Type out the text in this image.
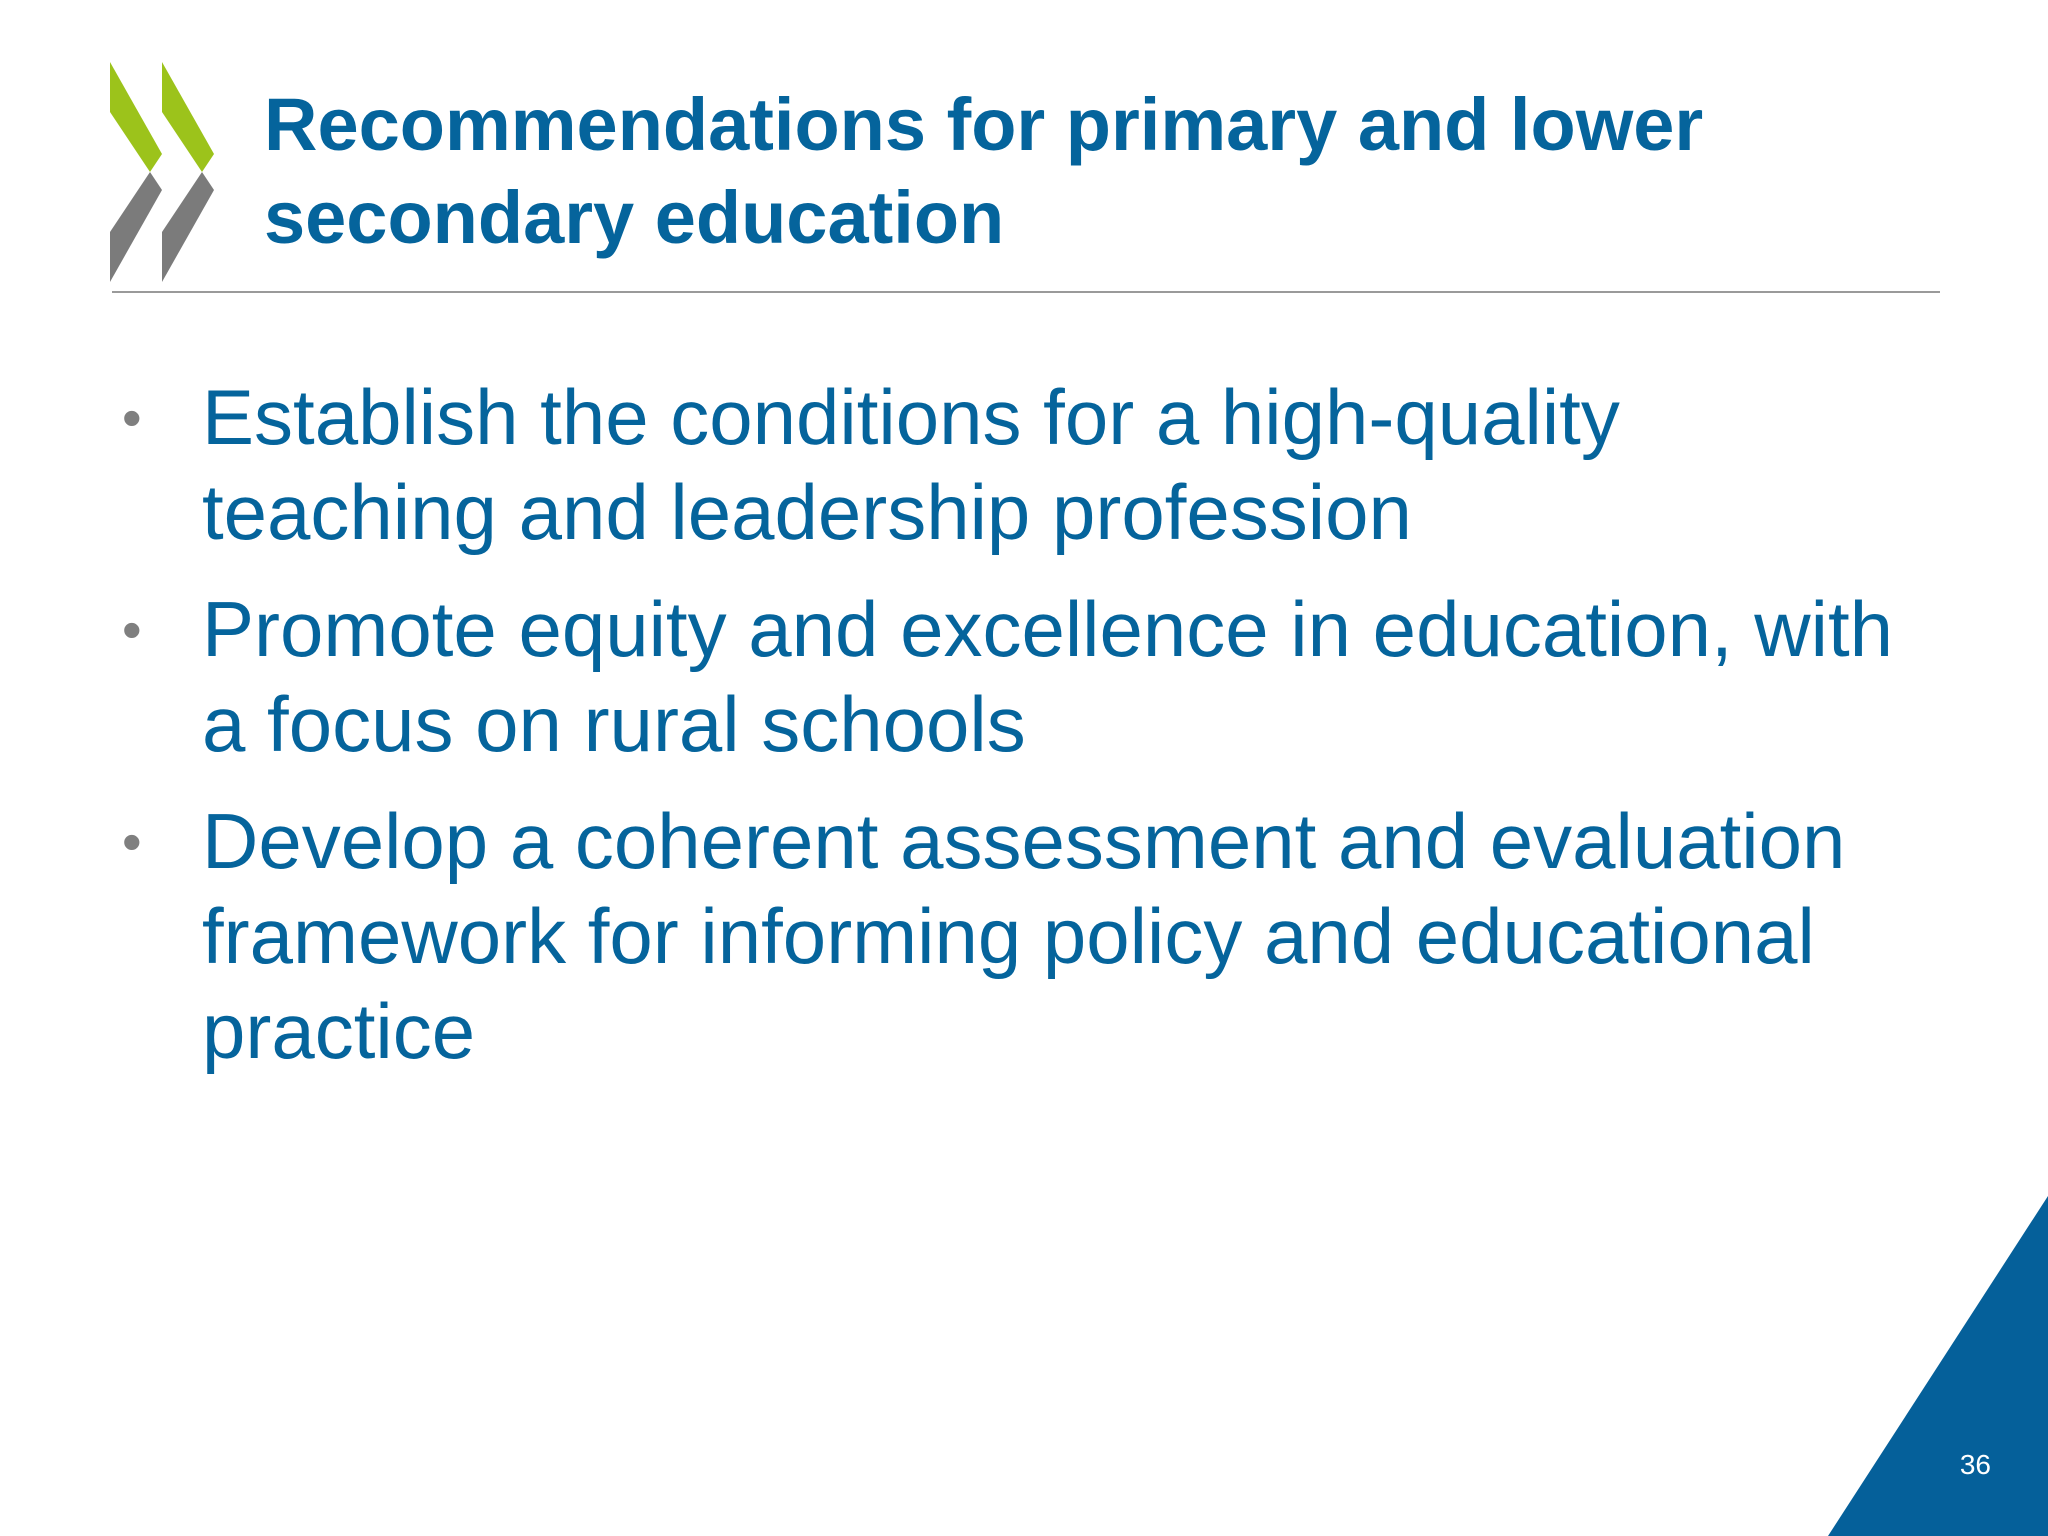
Recommendations for primary and lower secondary education
• Establish the conditions for a high-quality teaching and leadership profession
• Promote equity and excellence in education, with a focus on rural schools
• Develop a coherent assessment and evaluation framework for informing policy and educational practice
36
